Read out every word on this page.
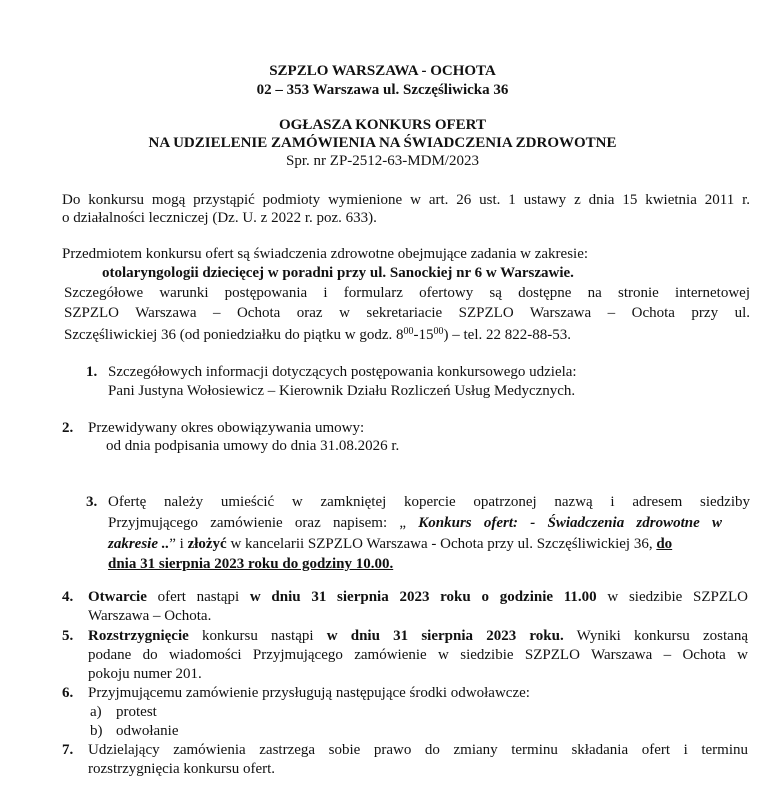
SZPZLO WARSZAWA - OCHOTA
02 – 353 Warszawa ul. Szczęśliwicka 36
OGŁASZA KONKURS OFERT
NA UDZIELENIE ZAMÓWIENIA NA ŚWIADCZENIA ZDROWOTNE
Spr. nr ZP-2512-63-MDM/2023
Do konkursu mogą przystąpić podmioty wymienione w art. 26 ust. 1 ustawy z dnia 15 kwietnia 2011 r.
o działalności leczniczej (Dz. U. z 2022 r. poz. 633).
Przedmiotem konkursu ofert są świadczenia zdrowotne obejmujące zadania w zakresie:
otolaryngologii dziecięcej w poradni przy ul. Sanockiej nr 6 w Warszawie.
Szczegółowe warunki postępowania i formularz ofertowy są dostępne na stronie internetowej
SZPZLO Warszawa – Ochota oraz w sekretariacie SZPZLO Warszawa – Ochota przy ul.
Szczęśliwickiej 36 (od poniedziałku do piątku w godz. $8^{00}-15^{00}$) – tel. 22 822-88-53.
1. Szczegółowych informacji dotyczących postępowania konkursowego udziela:
Pani Justyna Wołosiewicz – Kierownik Działu Rozliczeń Usług Medycznych.
2. Przewidywany okres obowiązywania umowy:
od dnia podpisania umowy do dnia 31.08.2026 r.
3. Ofertę należy umieścić w zamkniętej kopercie opatrzonej nazwą i adresem siedziby
Przyjmującego zamówienie oraz napisem: „ Konkurs ofert: - Świadczenia zdrowotne w
zakresie ..” i złożyć w kancelarii SZPZLO Warszawa - Ochota przy ul. Szczęśliwickiej 36, do
dnia 31 sierpnia 2023 roku do godziny 10.00.
4. Otwarcie ofert nastąpi w dniu 31 sierpnia 2023 roku o godzinie 11.00 w siedzibie SZPZLO
Warszawa – Ochota.
5. Rozstrzygnięcie konkursu nastąpi w dniu 31 sierpnia 2023 roku. Wyniki konkursu zostaną
podane do wiadomości Przyjmującego zamówienie w siedzibie SZPZLO Warszawa – Ochota w
pokoju numer 201.
6. Przyjmującemu zamówienie przysługują następujące środki odwoławcze:
a) protest
b) odwołanie
7. Udzielający zamówienia zastrzega sobie prawo do zmiany terminu składania ofert i terminu
rozstrzygnięcia konkursu ofert.
